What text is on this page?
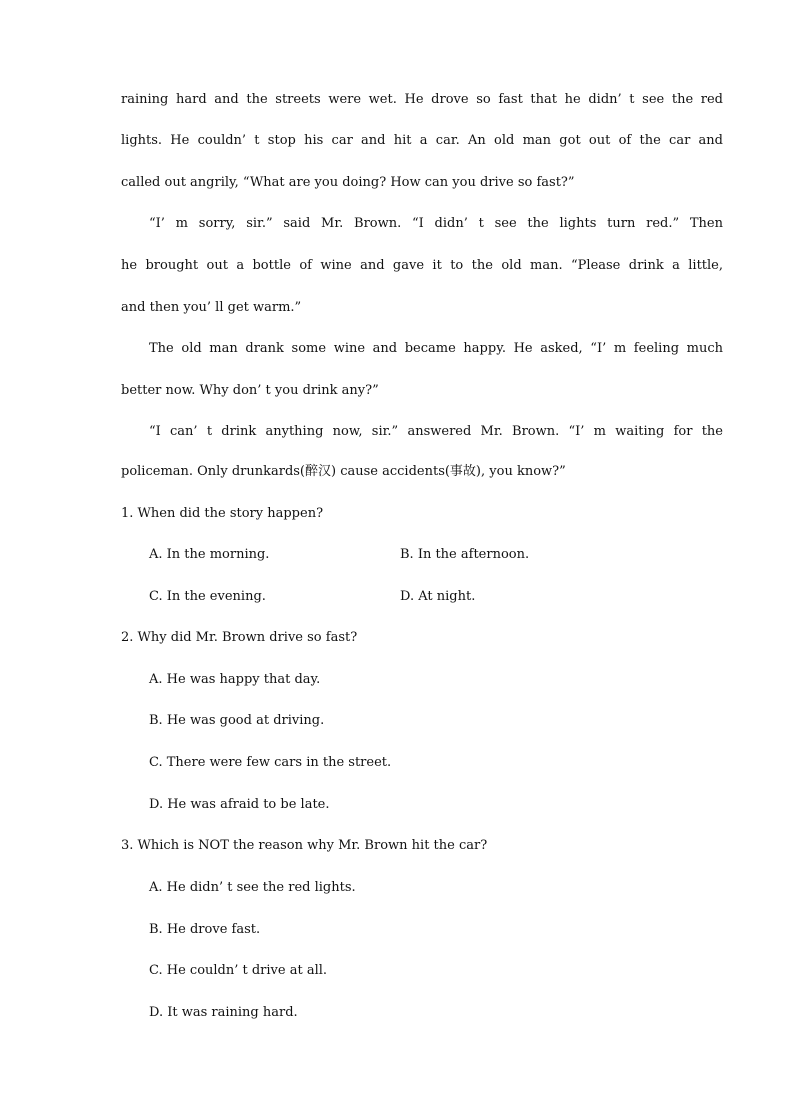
raining hard and the streets were wet. He drove so fast that he didn’ t see the red
lights. He couldn’ t stop his car and hit a car. An old man got out of the car and
called out angrily, “What are you doing? How can you drive so fast?”
“I’ m sorry, sir.” said Mr. Brown. “I didn’ t see the lights turn red.” Then
he brought out a bottle of wine and gave it to the old man. “Please drink a little,
and then you’ ll get warm.”
The old man drank some wine and became happy. He asked, “I’ m feeling much
better now. Why don’ t you drink any?”
“I can’ t drink anything now, sir.” answered Mr. Brown. “I’ m waiting for the
policeman. Only drunkards(醉汉) cause accidents(事故), you know?”
1. When did the story happen?
A. In the morning.	B. In the afternoon.
C. In the evening.	D. At night.
2. Why did Mr. Brown drive so fast?
A. He was happy that day.
B. He was good at driving.
C. There were few cars in the street.
D. He was afraid to be late.
3. Which is NOT the reason why Mr. Brown hit the car?
A. He didn’ t see the red lights.
B. He drove fast.
C. He couldn’ t drive at all.
D. It was raining hard.
